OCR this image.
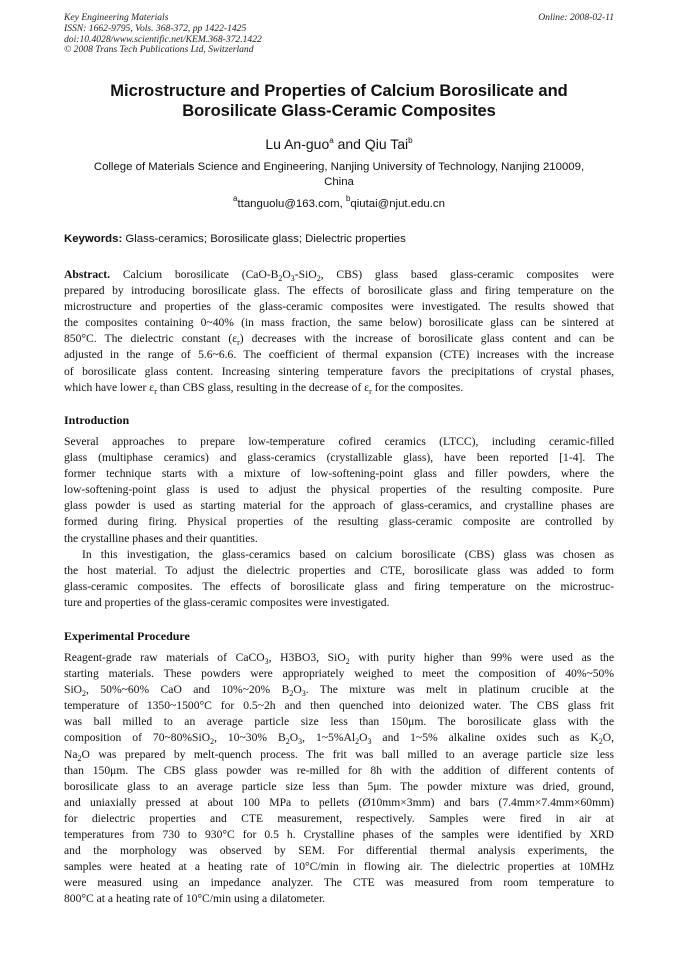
Key Engineering Materials
ISSN: 1662-9795, Vols. 368-372, pp 1422-1425
doi:10.4028/www.scientific.net/KEM.368-372.1422
© 2008 Trans Tech Publications Ltd, Switzerland
Online: 2008-02-11
Microstructure and Properties of Calcium Borosilicate and
Borosilicate Glass-Ceramic Composites
Lu An-guo$^a$ and Qiu Tai$^b$
College of Materials Science and Engineering, Nanjing University of Technology, Nanjing 210009,
China
$^a$ttanguolu@163.com, $^b$qiutai@njut.edu.cn
Keywords: Glass-ceramics; Borosilicate glass; Dielectric properties
Abstract. Calcium borosilicate ($CaO-B_2O_3-SiO_2$, CBS) glass based glass-ceramic composites were
prepared by introducing borosilicate glass. The effects of borosilicate glass and firing temperature on the
microstructure and properties of the glass-ceramic composites were investigated. The results showed that
the composites containing 0~40% (in mass fraction, the same below) borosilicate glass can be sintered at
850°C. The dielectric constant $(\varepsilon_r)$ decreases with the increase of borosilicate glass content and can be
adjusted in the range of 5.6~6.6. The coefficient of thermal expansion (CTE) increases with the increase
of borosilicate glass content. Increasing sintering temperature favors the precipitations of crystal phases,
which have lower $\varepsilon_r$ than CBS glass, resulting in the decrease of $\varepsilon_r$ for the composites.
Introduction
Several approaches to prepare low-temperature cofired ceramics (LTCC), including ceramic-filled
glass (multiphase ceramics) and glass-ceramics (crystallizable glass), have been reported [1-4]. The
former technique starts with a mixture of low-softening-point glass and filler powders, where the
low-softening-point glass is used to adjust the physical properties of the resulting composite. Pure
glass powder is used as starting material for the approach of glass-ceramics, and crystalline phases are
formed during firing. Physical properties of the resulting glass-ceramic composite are controlled by
the crystalline phases and their quantities.
In this investigation, the glass-ceramics based on calcium borosilicate (CBS) glass was chosen as
the host material. To adjust the dielectric properties and CTE, borosilicate glass was added to form
glass-ceramic composites. The effects of borosilicate glass and firing temperature on the microstruc-
ture and properties of the glass-ceramic composites were investigated.
Experimental Procedure
Reagent-grade raw materials of CaCO$_3$, H3BO3, SiO$_2$ with purity higher than 99% were used as the
starting materials. These powders were appropriately weighed to meet the composition of 40%~50%
SiO$_2$, 50%~60% CaO and 10%~20% $B_2O_3$. The mixture was melt in platinum crucible at the
temperature of 1350~1500°C for 0.5~2h and then quenched into deionized water. The CBS glass frit
was ball milled to an average particle size less than 150μm. The borosilicate glass with the
composition of 70~80%SiO$_2$, 10~30% $B_2O_3$, $1\sim 5\%Al_2O_3$ and 1~5% alkaline oxides such as $K_2O$,
$Na_2O$ was prepared by melt-quench process. The frit was ball milled to an average particle size less
than 150μm. The CBS glass powder was re-milled for 8h with the addition of different contents of
borosilicate glass to an average particle size less than 5μm. The powder mixture was dried, ground,
and uniaxially pressed at about 100 MPa to pellets (Ø10mm×3mm) and bars (7.4mm×7.4mm×60mm)
for dielectric properties and CTE measurement, respectively. Samples were fired in air at
temperatures from 730 to 930°C for 0.5 h. Crystalline phases of the samples were identified by XRD
and the morphology was observed by SEM. For differential thermal analysis experiments, the
samples were heated at a heating rate of 10°C/min in flowing air. The dielectric properties at 10MHz
were measured using an impedance analyzer. The CTE was measured from room temperature to
800°C at a heating rate of 10°C/min using a dilatometer.
